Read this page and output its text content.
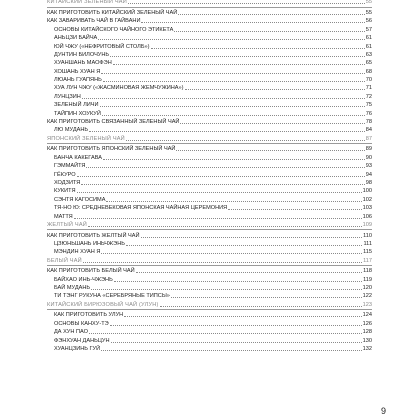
КИТАЙСКИЙ ЗЕЛЕНЫЙ ЧАЙ	55
КАК ПРИГОТОВИТЬ КИТАЙСКИЙ ЗЕЛЕНЫЙ ЧАЙ	55
КАК ЗАВАРИВАТЬ ЧАЙ В ГАЙВАНИ	56
ОСНОВЫ КИТАЙСКОГО ЧАЙНОГО ЭТИКЕТА	57
АНЬЦЗИ БАЙЧА	61
ЮЙ ЧЖУ («НЕФРИТОВЫЙ СТОЛБ»)	61
ДУНТИН БИЛОЧУНЬ	63
ХУАНШАНЬ МАОФЭН	65
ХОШАНЬ ХУАН Я	68
ЛЮАНЬ ГУАПЯНЬ	70
ХУА ЛУН ЧЖУ («ЖАСМИНОВАЯ ЖЕМЧУЖИНА»)	71
ЛУНЦЗИН	72
ЗЕЛЕНЫЙ ЛИЧИ	75
ТАЙПИН ХОУКУЙ	76
КАК ПРИГОТОВИТЬ СВЯЗАННЫЙ ЗЕЛЕНЫЙ ЧАЙ	78
ЛЮ МУДАНЬ	84
ЯПОНСКИЙ ЗЕЛЕНЫЙ ЧАЙ	87
КАК ПРИГОТОВИТЬ ЯПОНСКИЙ ЗЕЛЕНЫЙ ЧАЙ	89
БАНЧА КАКЕГАВА	90
ГЭММАЙТЯ	93
ГЁКУРО	94
ХОДЗИТЯ	98
КУКИТЯ	100
СЭНТЯ КАГОСИМА	102
ТЯ-НО Ю: СРЕДНЕВЕКОВАЯ ЯПОНСКАЯ ЧАЙНАЯ ЦЕРЕМОНИЯ	103
МАТТЯ	106
ЖЕЛТЫЙ ЧАЙ	109
КАК ПРИГОТОВИТЬ ЖЕЛТЫЙ ЧАЙ	110
ЦЗЮНЬШАНЬ ИНЬЧЖЭНЬ	111
МЭНДИН ХУАН Я	115
БЕЛЫЙ ЧАЙ	117
КАК ПРИГОТОВИТЬ БЕЛЫЙ ЧАЙ	118
БАЙХАО ИНЬ-ЧЖЭНЬ	119
БАЙ МУДАНЬ	120
ТИ ТЭНГ РУКУНА «СЕРЕБРЯНЫЕ ТИПСЫ»	122
КИТАЙСКИЙ БИРЮЗОВЫЙ ЧАЙ (УЛУН)	123
КАК ПРИГОТОВИТЬ УЛУН	124
ОСНОВЫ КАНХУ-ТЭ	126
ДА ХУН ПАО	128
ФЭНХУАН ДАНЬЦУН	130
ХУАНЦЗИНЬ ГУЙ	132
9
